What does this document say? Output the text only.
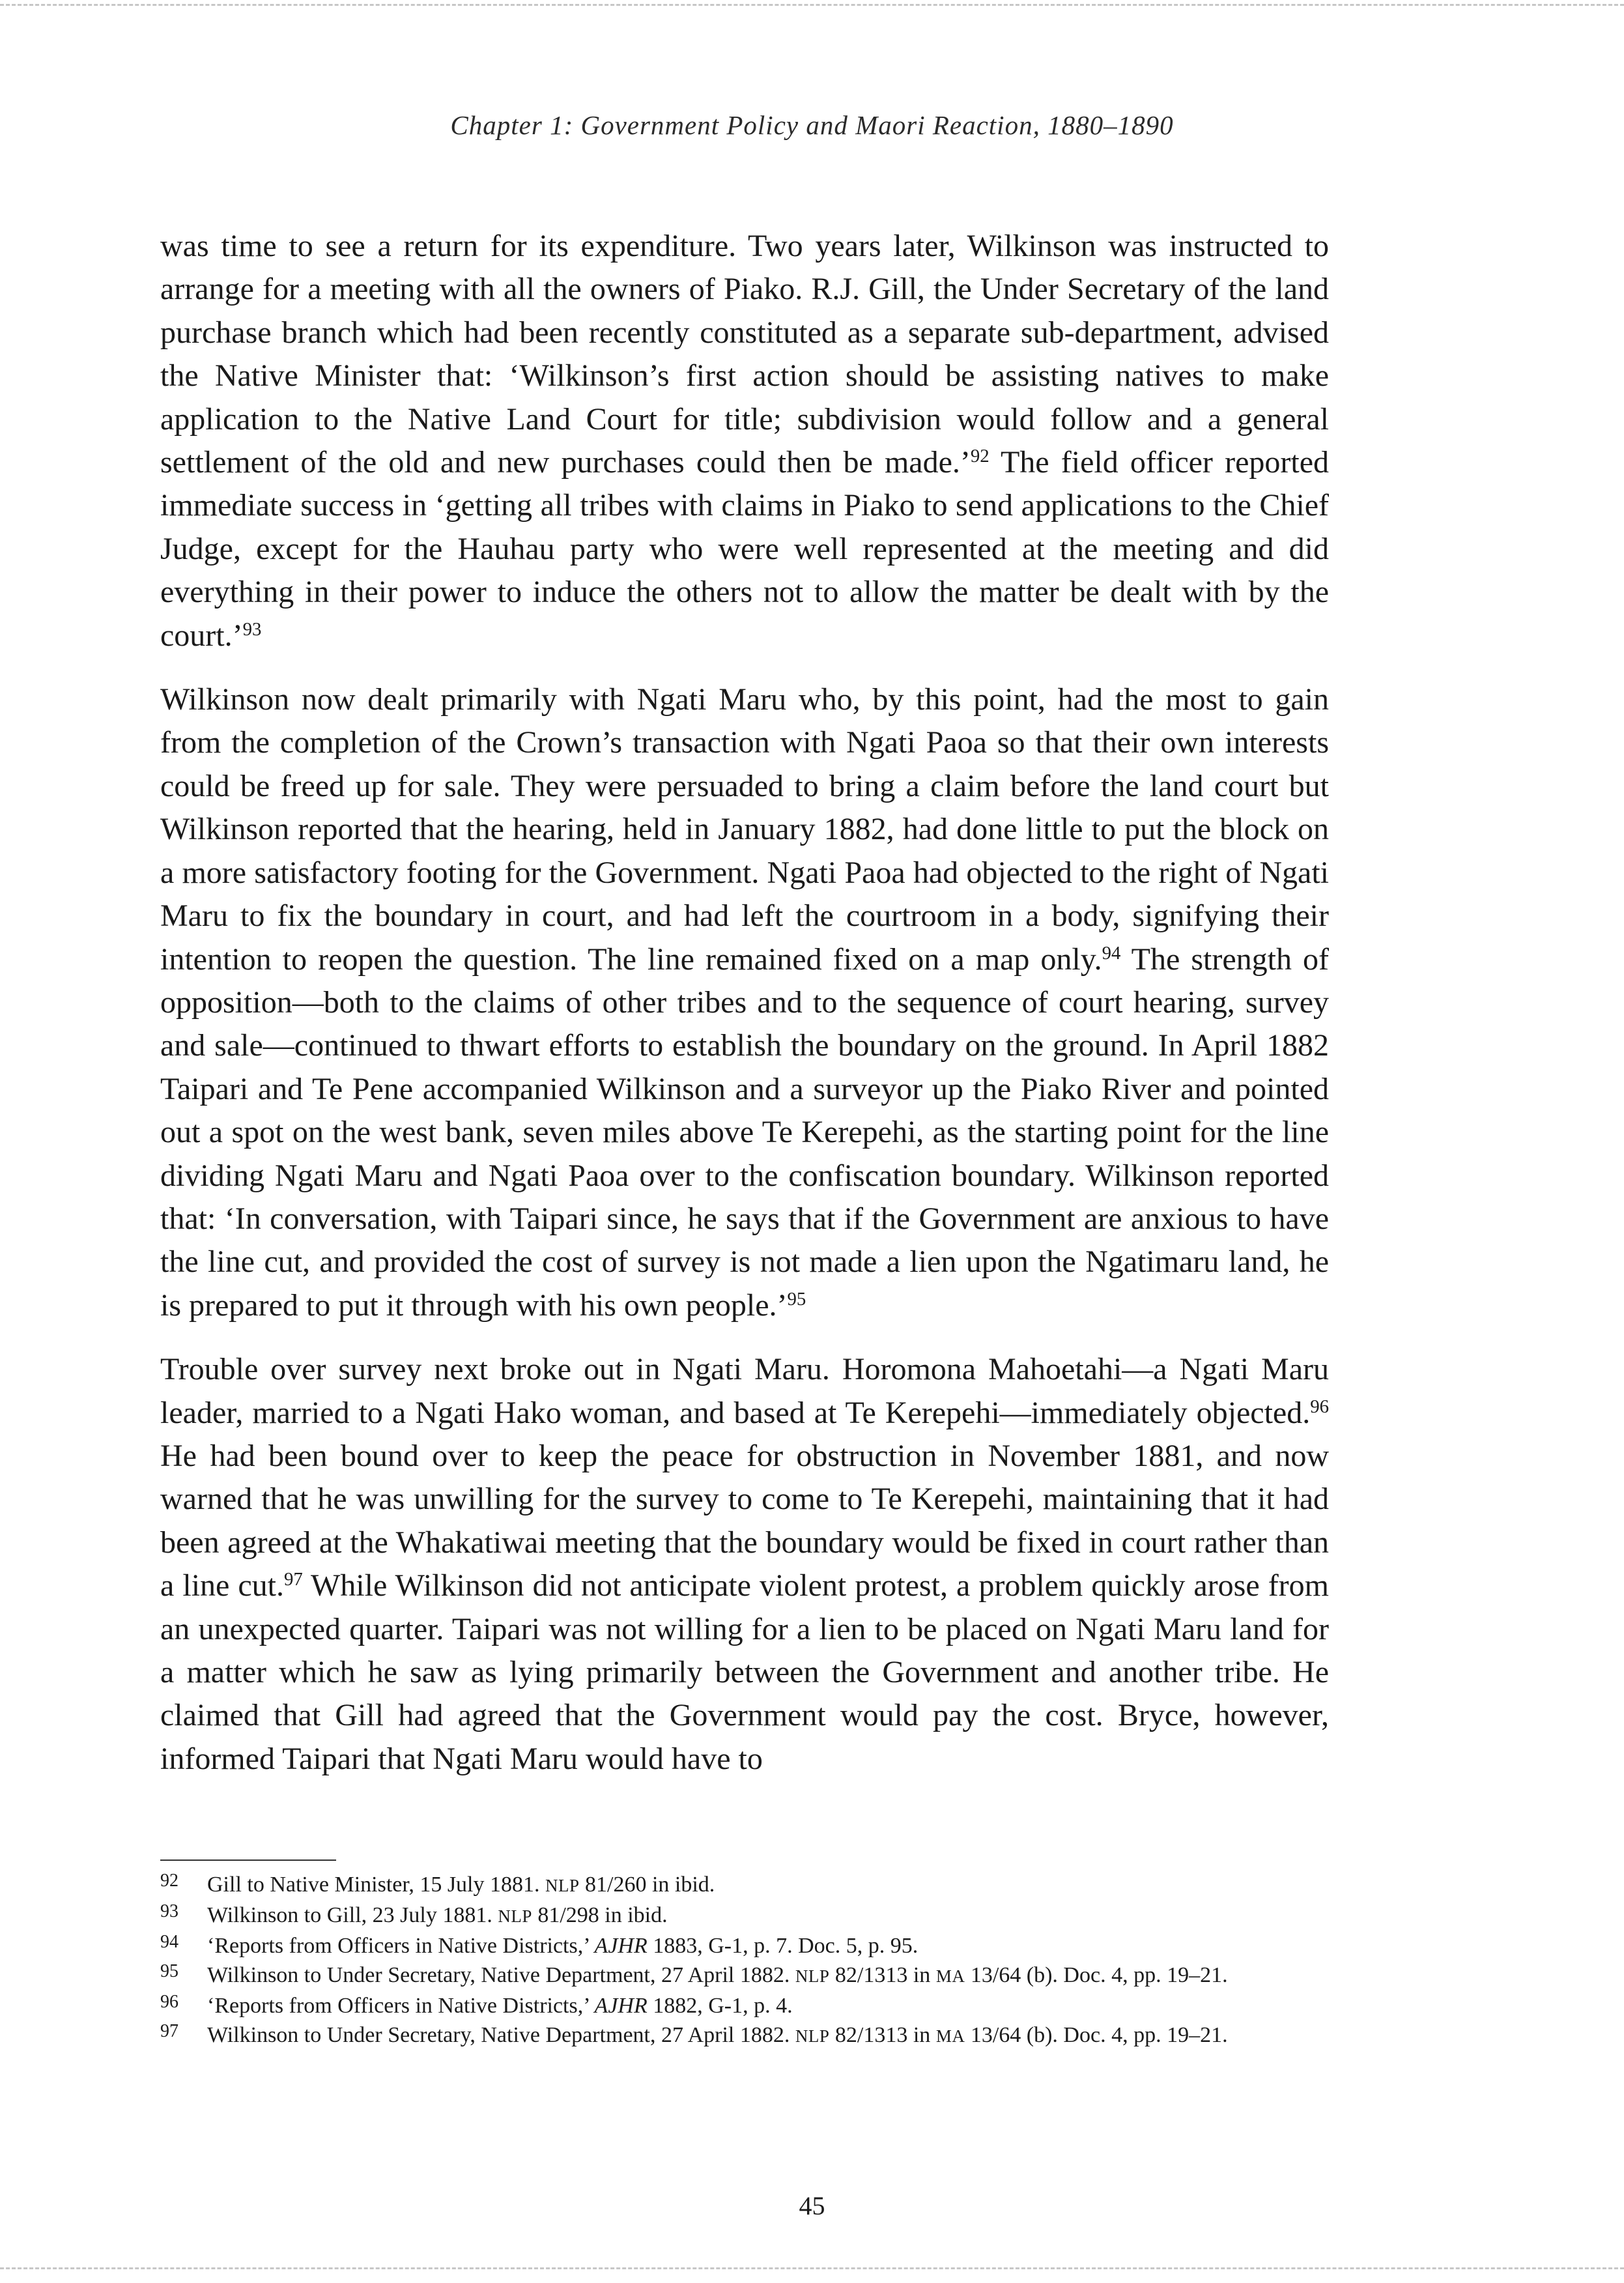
Chapter 1: Government Policy and Maori Reaction, 1880–1890

was time to see a return for its expenditure. Two years later, Wilkinson was instructed to arrange for a meeting with all the owners of Piako. R.J. Gill, the Under Secretary of the land purchase branch which had been recently constituted as a separate sub-department, advised the Native Minister that: ‘Wilkinson’s first action should be assisting natives to make application to the Native Land Court for title; subdivision would follow and a general settlement of the old and new purchases could then be made.’$^{92}$ The field officer reported immediate success in ‘getting all tribes with claims in Piako to send applications to the Chief Judge, except for the Hauhau party who were well represented at the meeting and did everything in their power to induce the others not to allow the matter be dealt with by the court.’$^{93}$

Wilkinson now dealt primarily with Ngati Maru who, by this point, had the most to gain from the completion of the Crown’s transaction with Ngati Paoa so that their own interests could be freed up for sale. They were persuaded to bring a claim before the land court but Wilkinson reported that the hearing, held in January 1882, had done little to put the block on a more satisfactory footing for the Government. Ngati Paoa had objected to the right of Ngati Maru to fix the boundary in court, and had left the courtroom in a body, signifying their intention to reopen the question. The line remained fixed on a map only.$^{94}$ The strength of opposition—both to the claims of other tribes and to the sequence of court hearing, survey and sale—continued to thwart efforts to establish the boundary on the ground. In April 1882 Taipari and Te Pene accompanied Wilkinson and a surveyor up the Piako River and pointed out a spot on the west bank, seven miles above Te Kerepehi, as the starting point for the line dividing Ngati Maru and Ngati Paoa over to the confiscation boundary. Wilkinson reported that: ‘In conversation, with Taipari since, he says that if the Government are anxious to have the line cut, and provided the cost of survey is not made a lien upon the Ngatimaru land, he is prepared to put it through with his own people.’$^{95}$

Trouble over survey next broke out in Ngati Maru. Horomona Mahoetahi—a Ngati Maru leader, married to a Ngati Hako woman, and based at Te Kerepehi—immediately objected.$^{96}$ He had been bound over to keep the peace for obstruction in November 1881, and now warned that he was unwilling for the survey to come to Te Kerepehi, maintaining that it had been agreed at the Whakatiwai meeting that the boundary would be fixed in court rather than a line cut.$^{97}$ While Wilkinson did not anticipate violent protest, a problem quickly arose from an unexpected quarter. Taipari was not willing for a lien to be placed on Ngati Maru land for a matter which he saw as lying primarily between the Government and another tribe. He claimed that Gill had agreed that the Government would pay the cost. Bryce, however, informed Taipari that Ngati Maru would have to

92	Gill to Native Minister, 15 July 1881. NLP 81/260 in ibid.
93	Wilkinson to Gill, 23 July 1881. NLP 81/298 in ibid.
94	‘Reports from Officers in Native Districts,’ AJHR 1883, G-1, p. 7. Doc. 5, p. 95.
95	Wilkinson to Under Secretary, Native Department, 27 April 1882. NLP 82/1313 in MA 13/64 (b). Doc. 4, pp. 19–21.
96	‘Reports from Officers in Native Districts,’ AJHR 1882, G-1, p. 4.
97	Wilkinson to Under Secretary, Native Department, 27 April 1882. NLP 82/1313 in MA 13/64 (b). Doc. 4, pp. 19–21.
45
